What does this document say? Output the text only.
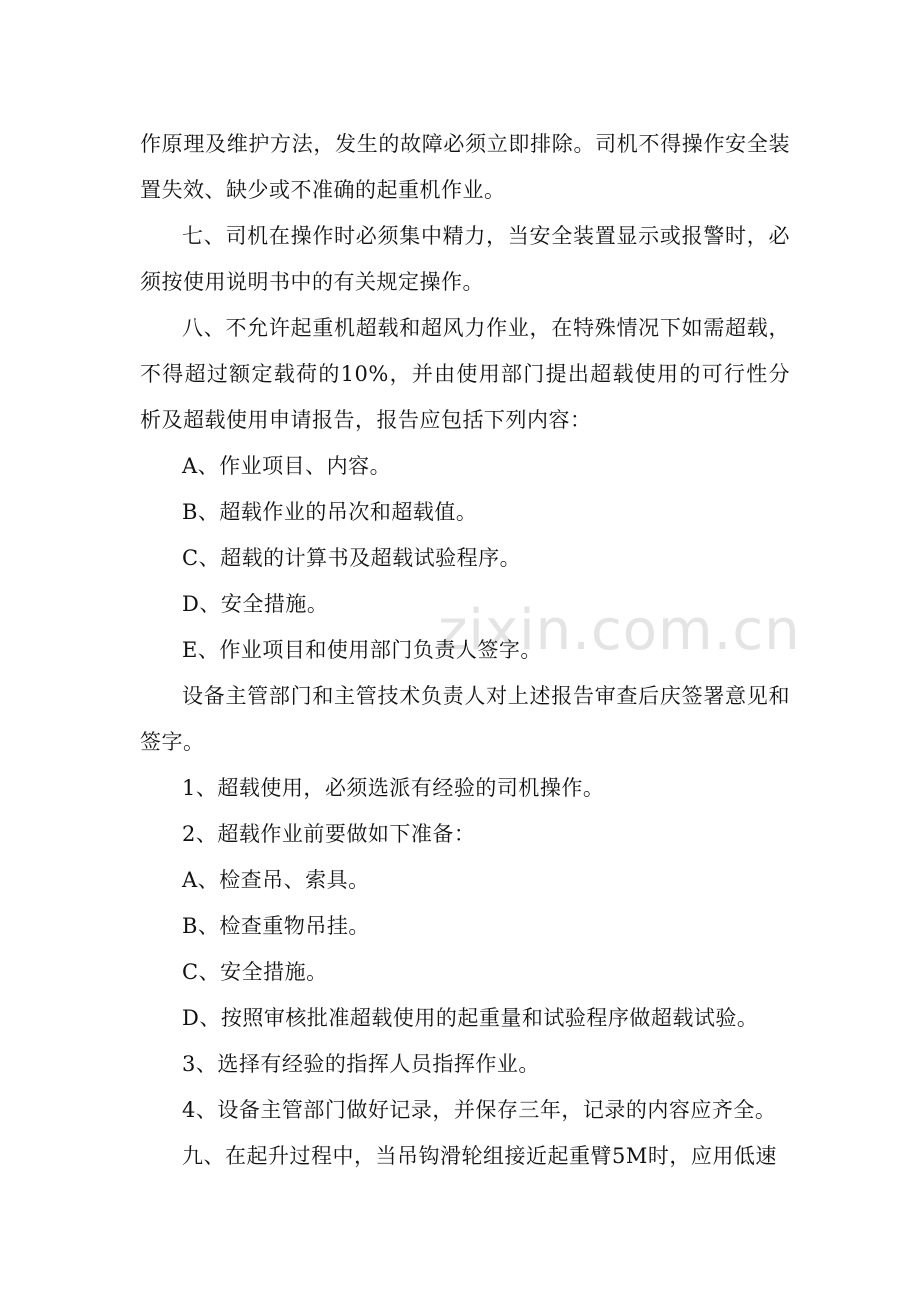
zixin.com.cn

作原理及维护方法，发生的故障必须立即排除。司机不得操作安全装置失效、缺少或不准确的起重机作业。

七、司机在操作时必须集中精力，当安全装置显示或报警时，必须按使用说明书中的有关规定操作。

八、不允许起重机超载和超风力作业，在特殊情况下如需超载，不得超过额定载荷的10%，并由使用部门提出超载使用的可行性分析及超载使用申请报告，报告应包括下列内容：

A、作业项目、内容。

B、超载作业的吊次和超载值。

C、超载的计算书及超载试验程序。

D、安全措施。

E、作业项目和使用部门负责人签字。

设备主管部门和主管技术负责人对上述报告审查后庆签署意见和签字。

1、超载使用，必须选派有经验的司机操作。

2、超载作业前要做如下准备：

A、检查吊、索具。

B、检查重物吊挂。

C、安全措施。

D、按照审核批准超载使用的起重量和试验程序做超载试验。

3、选择有经验的指挥人员指挥作业。

4、设备主管部门做好记录，并保存三年，记录的内容应齐全。

九、在起升过程中，当吊钩滑轮组接近起重臂5M时，应用低速
